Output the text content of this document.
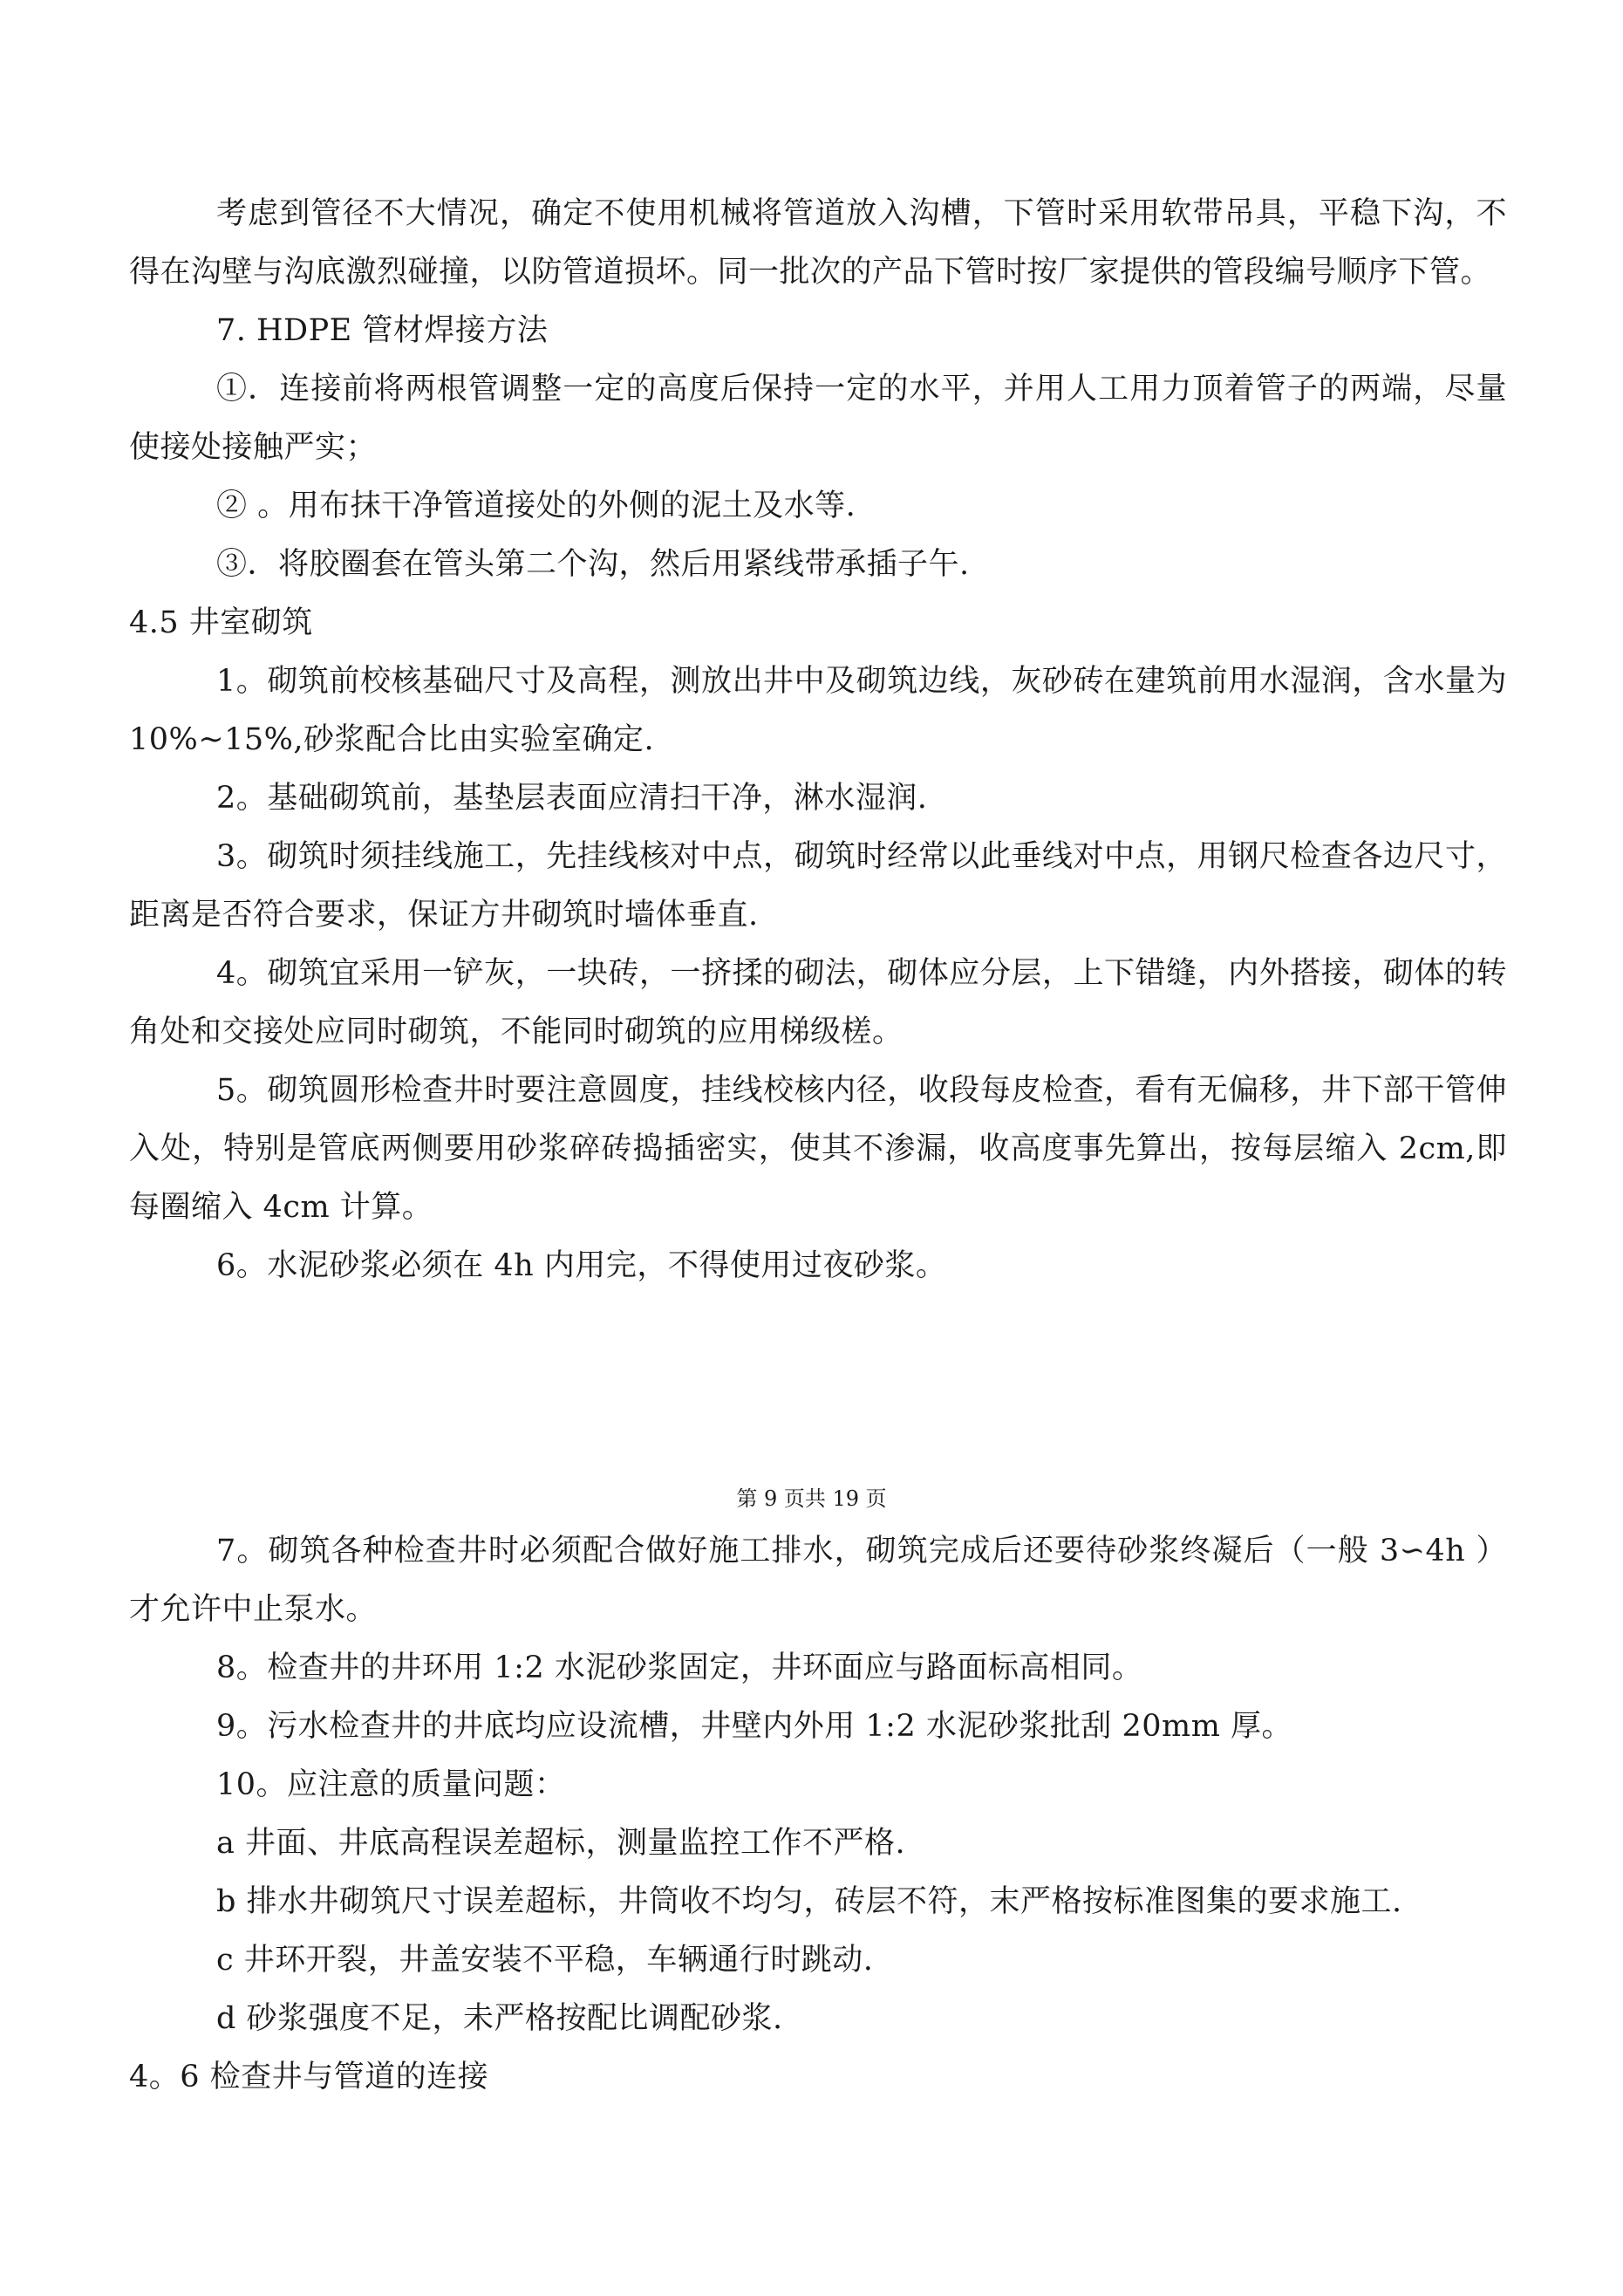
考虑到管径不大情况，确定不使用机械将管道放入沟槽，下管时采用软带吊具，平稳下沟，不得在沟壁与沟底激烈碰撞，以防管道损坏。同一批次的产品下管时按厂家提供的管段编号顺序下管。

7. HDPE 管材焊接方法

①．连接前将两根管调整一定的高度后保持一定的水平，并用人工用力顶着管子的两端，尽量使接处接触严实；

② 。用布抹干净管道接处的外侧的泥土及水等.

③．将胶圈套在管头第二个沟，然后用紧线带承插子午.

4.5 井室砌筑

1。砌筑前校核基础尺寸及高程，测放出井中及砌筑边线，灰砂砖在建筑前用水湿润，含水量为 10%~15%,砂浆配合比由实验室确定.

2。基础砌筑前，基垫层表面应清扫干净，淋水湿润.

3。砌筑时须挂线施工，先挂线核对中点，砌筑时经常以此垂线对中点，用钢尺检查各边尺寸，距离是否符合要求，保证方井砌筑时墙体垂直.

4。砌筑宜采用一铲灰，一块砖，一挤揉的砌法，砌体应分层，上下错缝，内外搭接，砌体的转角处和交接处应同时砌筑，不能同时砌筑的应用梯级槎。

5。砌筑圆形检查井时要注意圆度，挂线校核内径，收段每皮检查，看有无偏移，井下部干管伸入处，特别是管底两侧要用砂浆碎砖捣插密实，使其不渗漏，收高度事先算出，按每层缩入 2cm,即每圈缩入 4cm 计算。

6。水泥砂浆必须在 4h 内用完，不得使用过夜砂浆。

第 9 页共 19 页

7。砌筑各种检查井时必须配合做好施工排水，砌筑完成后还要待砂浆终凝后（一般 3∽4h ）才允许中止泵水。

8。检查井的井环用 1:2 水泥砂浆固定，井环面应与路面标高相同。

9。污水检查井的井底均应设流槽，井壁内外用 1:2 水泥砂浆批刮 20mm 厚。

10。应注意的质量问题：

a 井面、井底高程误差超标，测量监控工作不严格.

b 排水井砌筑尺寸误差超标，井筒收不均匀，砖层不符，末严格按标准图集的要求施工.

c 井环开裂，井盖安装不平稳，车辆通行时跳动.

d 砂浆强度不足，未严格按配比调配砂浆.

4。6 检查井与管道的连接
